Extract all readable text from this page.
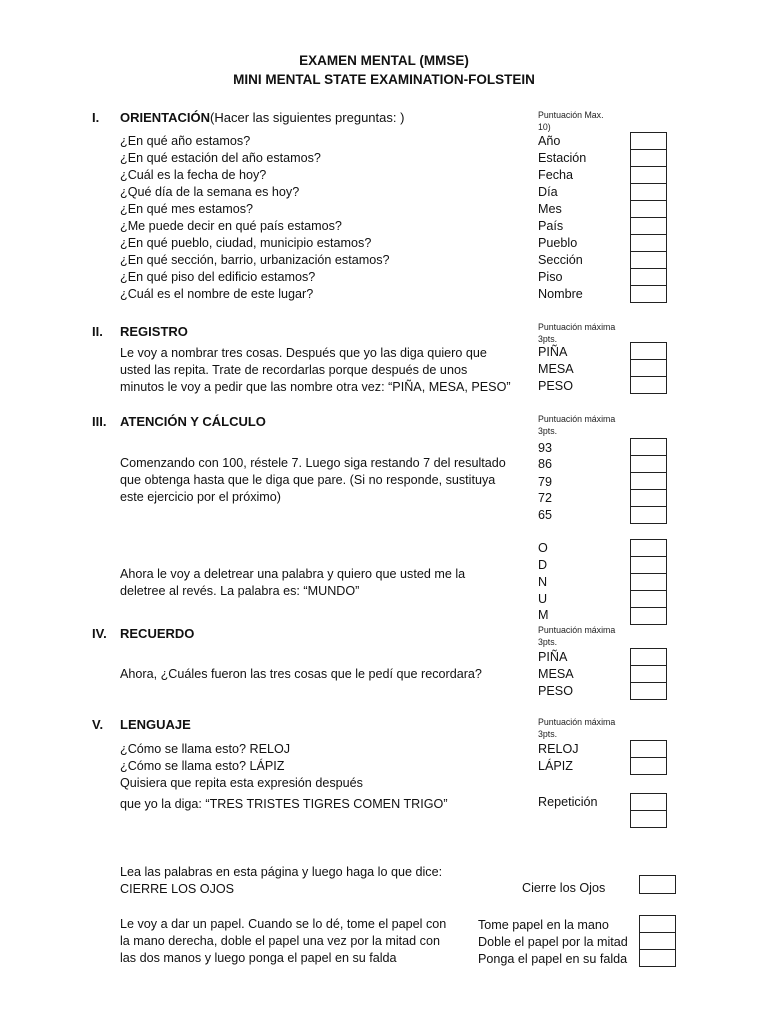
EXAMEN MENTAL (MMSE)
MINI MENTAL STATE EXAMINATION-FOLSTEIN
I. ORIENTACIÓN(Hacer las siguientes preguntas: )	Puntuación Max.
10)
¿En qué año estamos?	Año
¿En qué estación del año estamos?	Estación
¿Cuál es la fecha de hoy?	Fecha
¿Qué día de la semana es hoy?	Día
¿En qué mes estamos?	Mes
¿Me puede decir en qué país estamos?	País
¿En qué pueblo, ciudad, municipio estamos?	Pueblo
¿En qué sección, barrio, urbanización estamos?	Sección
¿En qué piso del edificio estamos?	Piso
¿Cuál es el nombre de este lugar?	Nombre
II. REGISTRO	Puntuación máxima
3pts.
Le voy a nombrar tres cosas. Después que yo las diga quiero que
usted las repita. Trate de recordarlas porque después de unos
minutos le voy a pedir que las nombre otra vez: “PIÑA, MESA, PESO”
PIÑA
MESA
PESO
III. ATENCIÓN Y CÁLCULO	Puntuación máxima
3pts.
Comenzando con 100, réstele 7. Luego siga restando 7 del resultado
que obtenga hasta que le diga que pare. (Si no responde, sustituya
este ejercicio por el próximo)
93
86
79
72
65
Ahora le voy a deletrear una palabra y quiero que usted me la
deletree al revés. La palabra es: “MUNDO”
O
D
N
U
M
IV. RECUERDO	Puntuación máxima
3pts.
Ahora, ¿Cuáles fueron las tres cosas que le pedí que recordara?
PIÑA
MESA
PESO
V. LENGUAJE	Puntuación máxima
3pts.
¿Cómo se llama esto? RELOJ
¿Cómo se llama esto? LÁPIZ
RELOJ
LÁPIZ
Quisiera que repita esta expresión después
que yo la diga: “TRES TRISTES TIGRES COMEN TRIGO”	Repetición
Lea las palabras en esta página y luego haga lo que dice:
CIERRE LOS OJOS	Cierre los Ojos
Le voy a dar un papel. Cuando se lo dé, tome el papel con
la mano derecha, doble el papel una vez por la mitad con
las dos manos y luego ponga el papel en su falda
Tome papel en la mano
Doble el papel por la mitad
Ponga el papel en su falda
